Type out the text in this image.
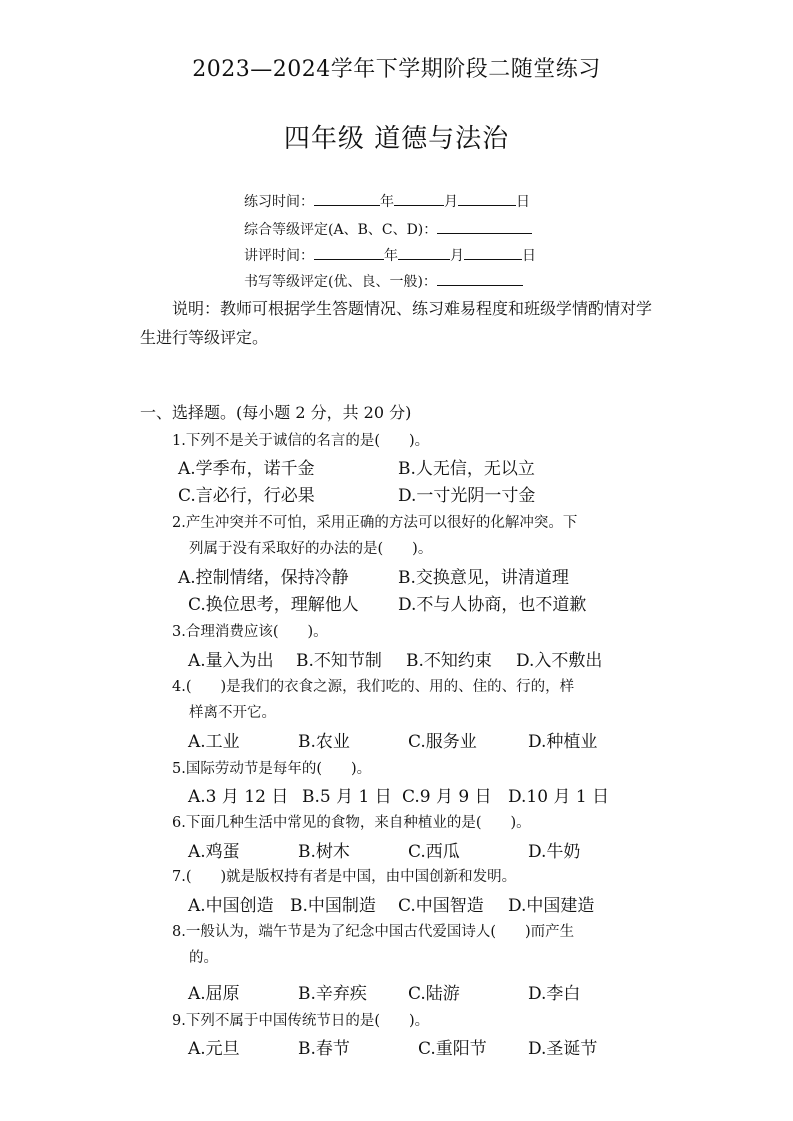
2023—2024学年下学期阶段二随堂练习
四年级 道德与法治
练习时间：	年	月	日
综合等级评定(A、B、C、D)：
讲评时间：	年	月	日
书写等级评定(优、良、一般)：
说明：教师可根据学生答题情况、练习难易程度和班级学情酌情对学生进行等级评定。
一、选择题。(每小题 2 分，共 20 分)
1.下列不是关于诚信的名言的是(　　)。
A.学季布，诺千金	B.人无信，无以立
C.言必行，行必果	D.一寸光阴一寸金
2.产生冲突并不可怕，采用正确的方法可以很好的化解冲突。下
列属于没有采取好的办法的是(　　)。
A.控制情绪，保持冷静	B.交换意见，讲清道理
C.换位思考，理解他人 D.不与人协商，也不道歉
3.合理消费应该(　　)。
A.量入为出 B.不知节制 B.不知约束 D.入不敷出
4.(　　)是我们的衣食之源，我们吃的、用的、住的、行的，样
样离不开它。
A.工业	B.农业	C.服务业	D.种植业
5.国际劳动节是每年的(　　)。
A.3 月 12 日 B.5 月 1 日 C.9 月 9 日 D.10 月 1 日
6.下面几种生活中常见的食物，来自种植业的是(　　)。
A.鸡蛋	B.树木	C.西瓜	D.牛奶
7.(　　)就是版权持有者是中国，由中国创新和发明。
A.中国创造 B.中国制造 C.中国智造 D.中国建造
8.一般认为，端午节是为了纪念中国古代爱国诗人(　　)而产生
的。
A.屈原	B.辛弃疾 C.陆游	D.李白
9.下列不属于中国传统节日的是(　　)。
A.元旦	B.春节	C.重阳节 D.圣诞节
